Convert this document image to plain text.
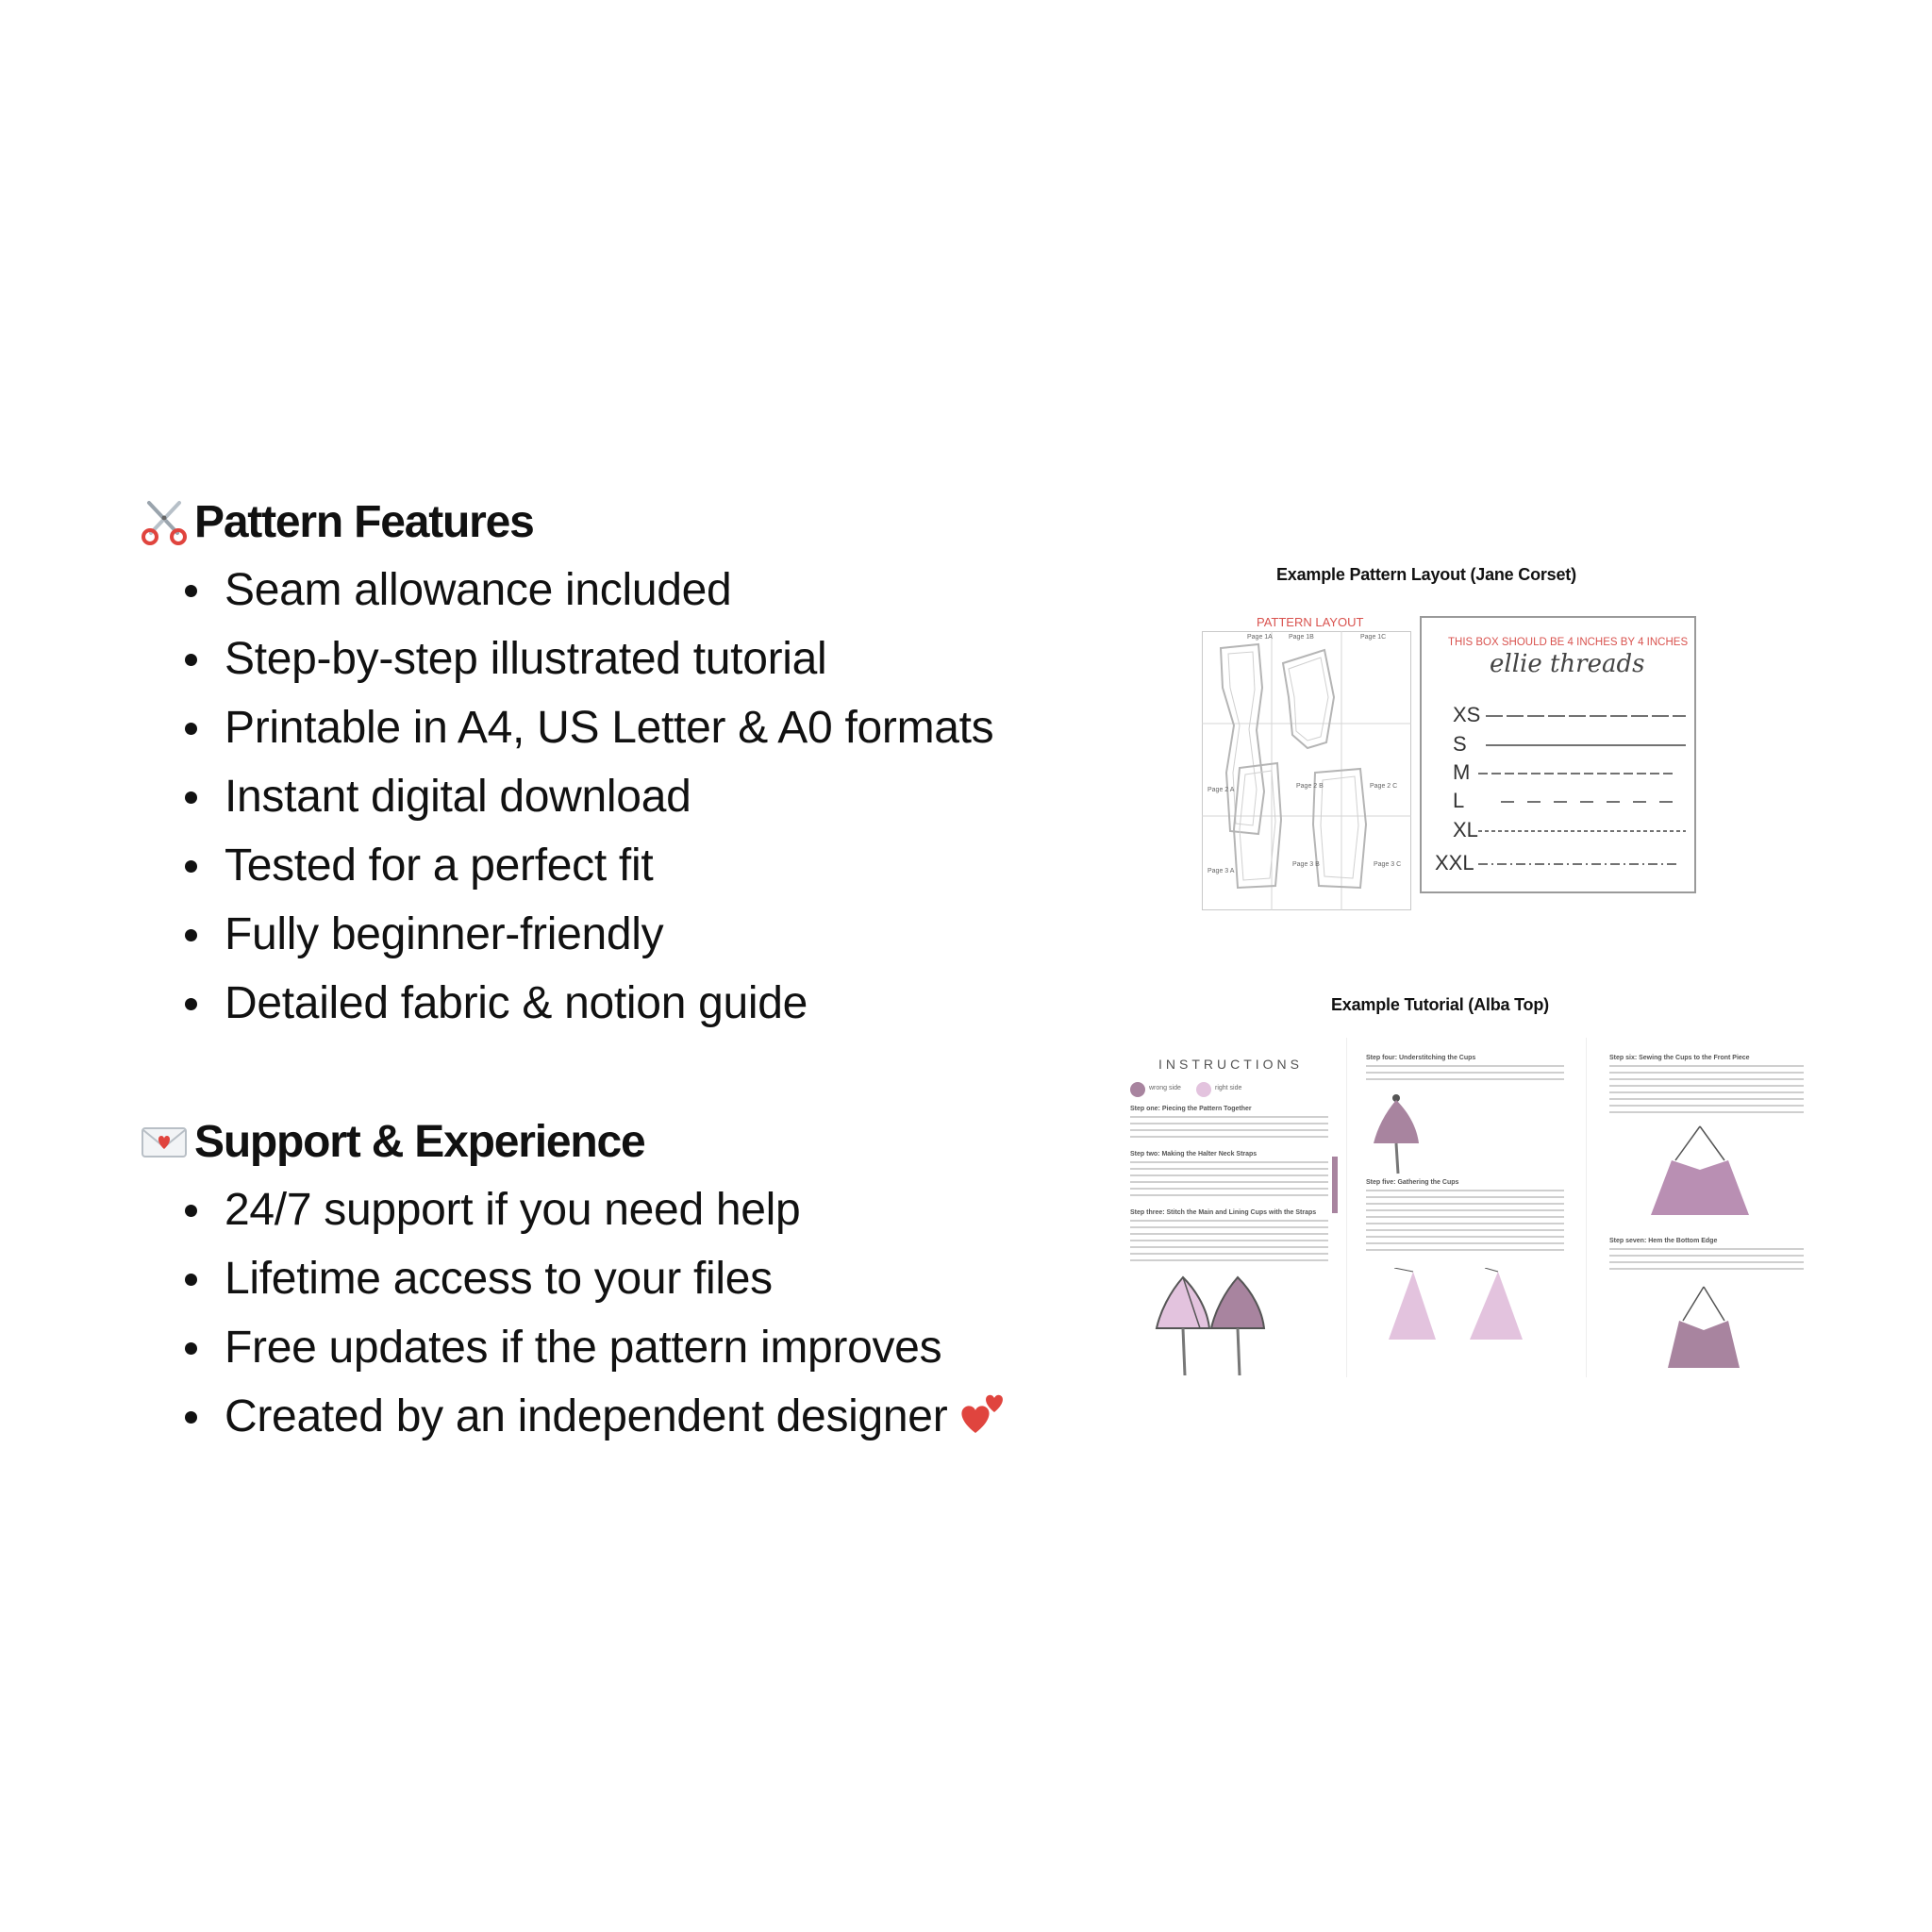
Pattern Features
Seam allowance included
Step-by-step illustrated tutorial
Printable in A4, US Letter & A0 formats
Instant digital download
Tested for a perfect fit
Fully beginner-friendly
Detailed fabric & notion guide
Support & Experience
24/7 support if you need help
Lifetime access to your files
Free updates if the pattern improves
Created by an independent designer
Example Pattern Layout (Jane Corset)
PATTERN LAYOUT
Page 1A Page 1B	Page 1C
Page 2 A
Page 2 B	Page 2 C
Page 3 A
Page 3 B	Page 3 C
THIS BOX SHOULD BE 4 INCHES BY 4 INCHES
ellie threads
XS
S
M
L
XL
XXL
Example Tutorial (Alba Top)
INSTRUCTIONS
wrong side	right side
Step one: Piecing the Pattern Together
Step two: Making the Halter Neck Straps
Step three: Stitch the Main and Lining Cups with the Straps
Step four: Understitching the Cups
Step five: Gathering the Cups
Step six: Sewing the Cups to the Front Piece
Step seven: Hem the Bottom Edge
